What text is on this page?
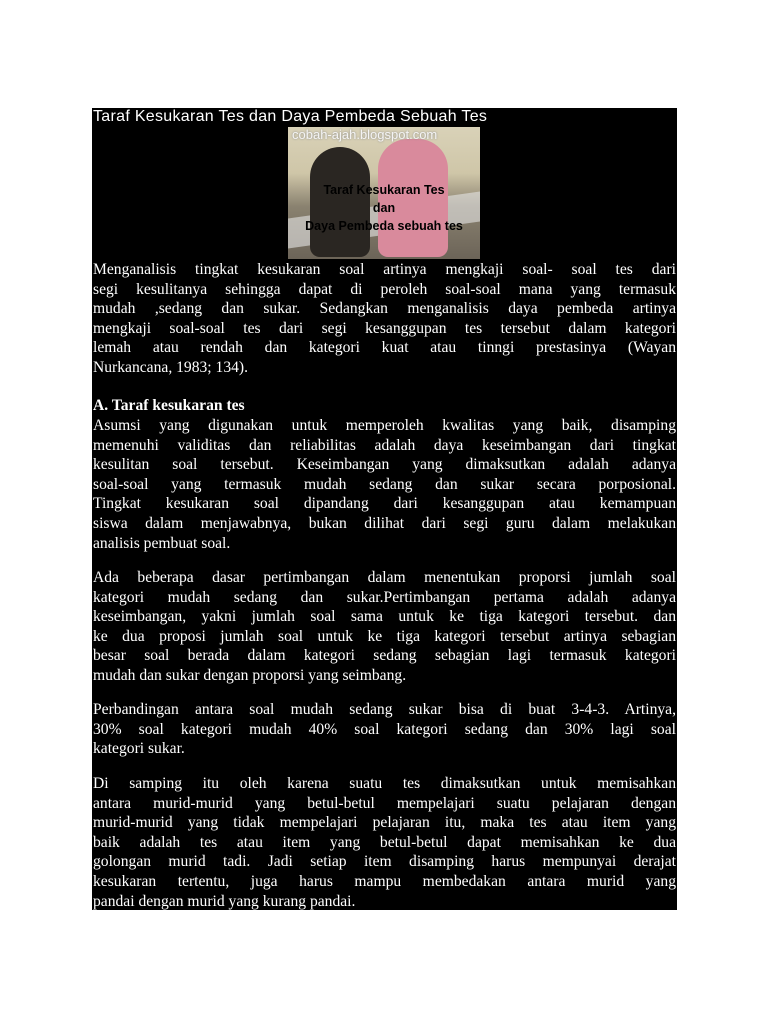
Taraf Kesukaran Tes dan Daya Pembeda Sebuah Tes
cobah-ajah.blogspot.com
Taraf Kesukaran Tes
dan
Daya Pembeda sebuah tes
Menganalisis tingkat kesukaran soal artinya mengkaji soal- soal tes dari
segi kesulitanya sehingga dapat di peroleh soal-soal mana yang termasuk
mudah ,sedang dan sukar. Sedangkan menganalisis daya pembeda artinya
mengkaji soal-soal tes dari segi kesanggupan tes tersebut dalam kategori
lemah atau rendah dan kategori kuat atau tinngi prestasinya (Wayan
Nurkancana, 1983; 134).
A. Taraf kesukaran tes
Asumsi yang digunakan untuk memperoleh kwalitas yang baik, disamping
memenuhi validitas dan reliabilitas adalah daya keseimbangan dari tingkat
kesulitan soal tersebut. Keseimbangan yang dimaksutkan adalah adanya
soal-soal yang termasuk mudah sedang dan sukar secara porposional.
Tingkat kesukaran soal dipandang dari kesanggupan atau kemampuan
siswa dalam menjawabnya, bukan dilihat dari segi guru dalam melakukan
analisis pembuat soal.
Ada beberapa dasar pertimbangan dalam menentukan proporsi jumlah soal
kategori mudah sedang dan sukar.Pertimbangan pertama adalah adanya
keseimbangan, yakni jumlah soal sama untuk ke tiga kategori tersebut. dan
ke dua proposi jumlah soal untuk ke tiga kategori tersebut artinya sebagian
besar soal berada dalam kategori sedang sebagian lagi termasuk kategori
mudah dan sukar dengan proporsi yang seimbang.
Perbandingan antara soal mudah sedang sukar bisa di buat 3-4-3. Artinya,
30% soal kategori mudah 40% soal kategori sedang dan 30% lagi soal
kategori sukar.
Di samping itu oleh karena suatu tes dimaksutkan untuk memisahkan
antara murid-murid yang betul-betul mempelajari suatu pelajaran dengan
murid-murid yang tidak mempelajari pelajaran itu, maka tes atau item yang
baik adalah tes atau item yang betul-betul dapat memisahkan ke dua
golongan murid tadi. Jadi setiap item disamping harus mempunyai derajat
kesukaran tertentu, juga harus mampu membedakan antara murid yang
pandai dengan murid yang kurang pandai.
